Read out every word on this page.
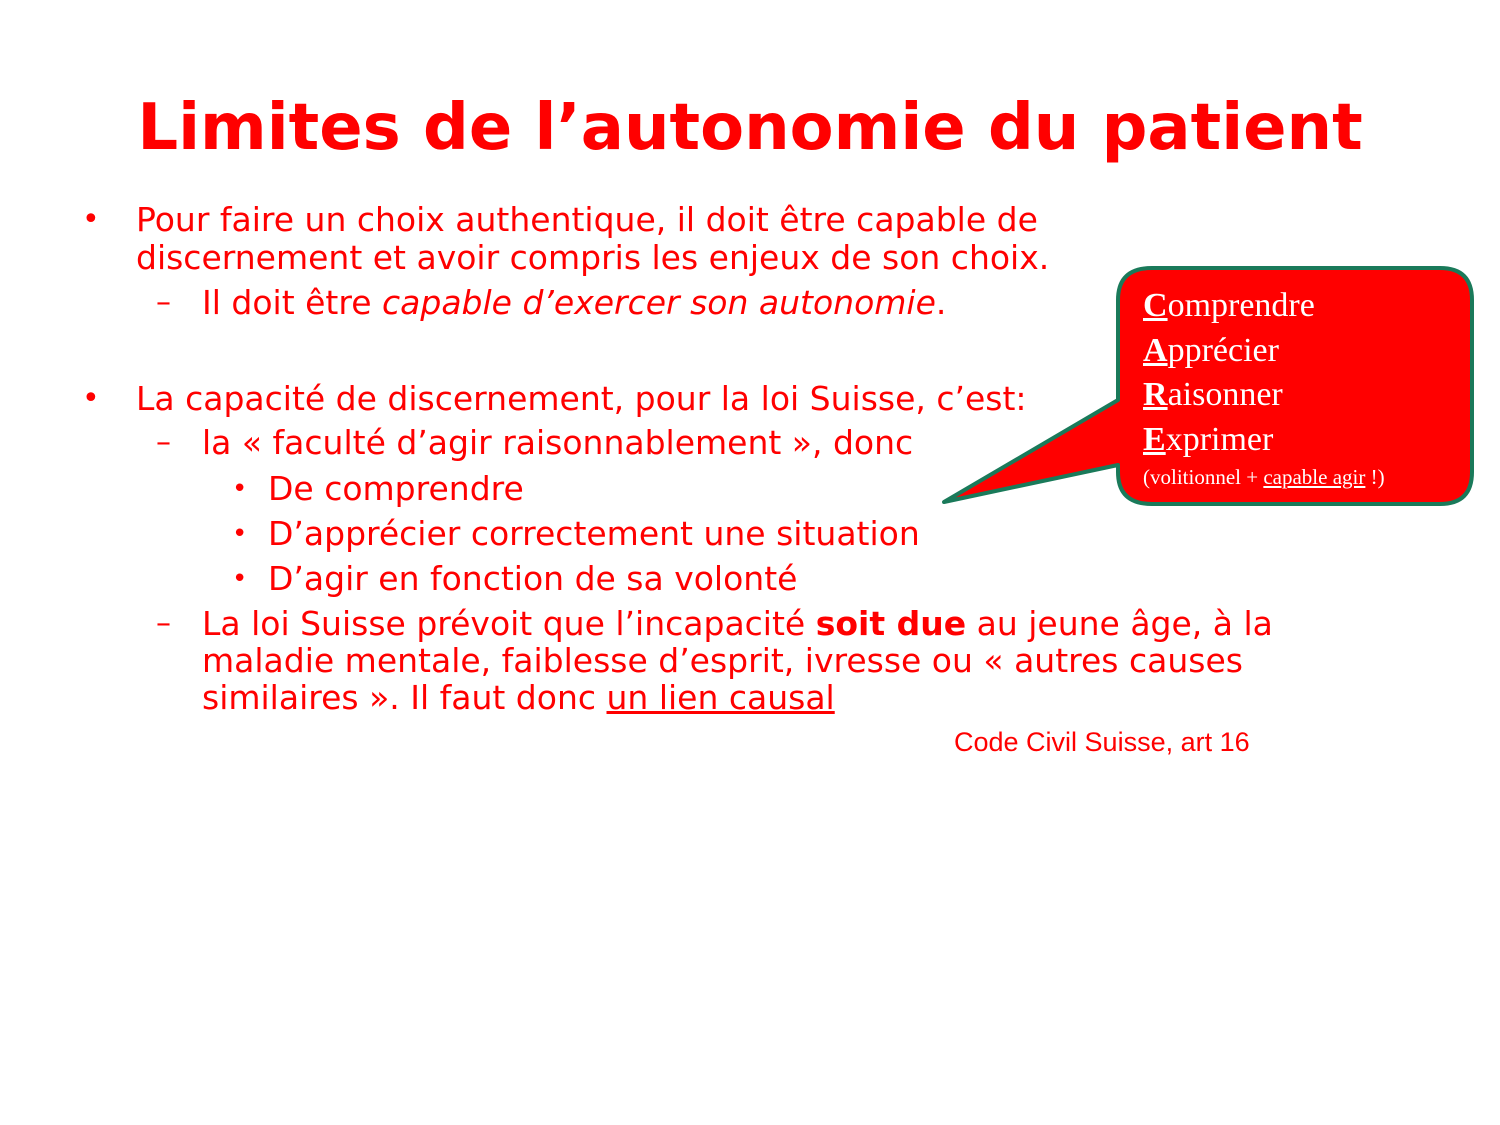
Limites de l’autonomie du patient
• Pour faire un choix authentique, il doit être capable de
discernement et avoir compris les enjeux de son choix.
– Il doit être capable d’exercer son autonomie.
• La capacité de discernement, pour la loi Suisse, c’est:
– la « faculté d’agir raisonnablement », donc
• De comprendre
• D’apprécier correctement une situation
• D’agir en fonction de sa volonté
– La loi Suisse prévoit que l’incapacité soit due au jeune âge, à la
maladie mentale, faiblesse d’esprit, ivresse ou « autres causes
similaires ». Il faut donc un lien causal
Code Civil Suisse, art 16
Comprendre
Apprécier
Raisonner
Exprimer
(volitionnel + capable agir !)
